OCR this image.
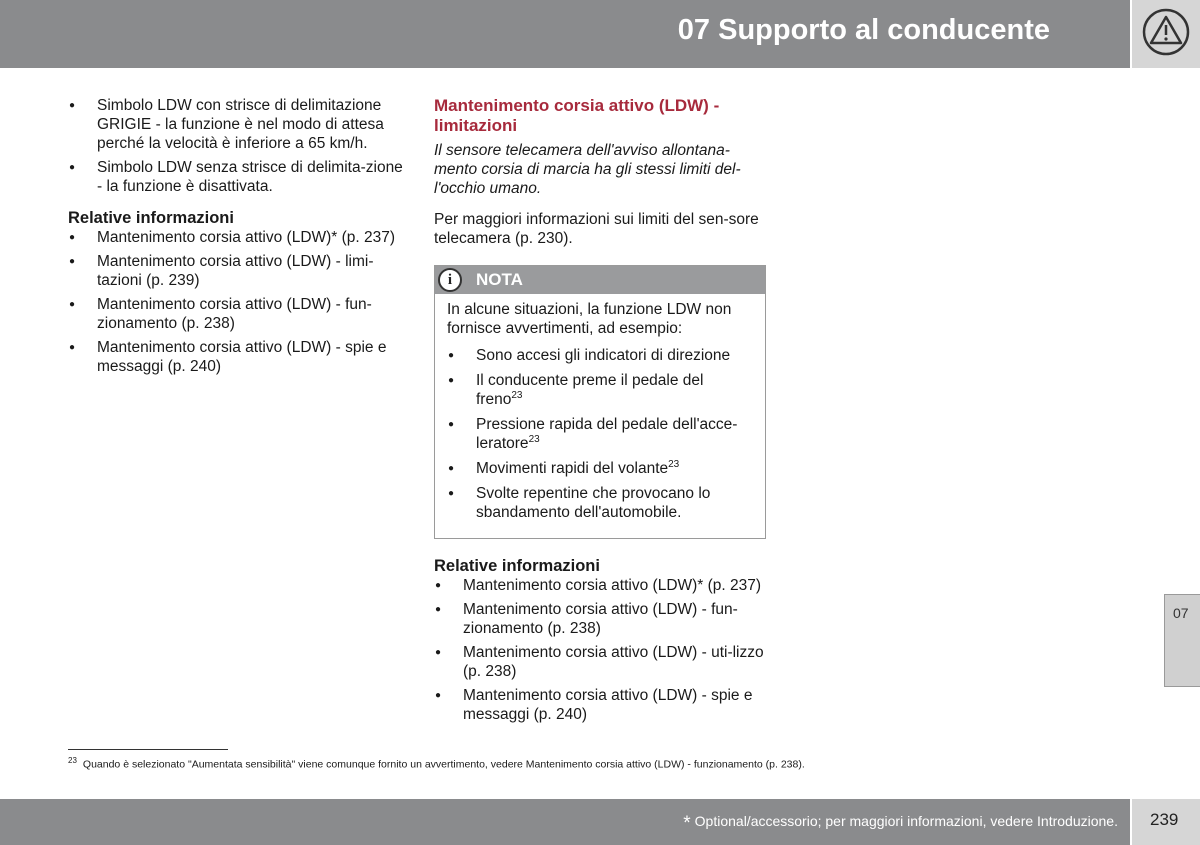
07 Supporto al conducente
● Simbolo LDW con strisce di delimitazione GRIGIE - la funzione è nel modo di attesa perché la velocità è inferiore a 65 km/h.
● Simbolo LDW senza strisce di delimita-zione - la funzione è disattivata.
Relative informazioni
● Mantenimento corsia attivo (LDW)* (p. 237)
● Mantenimento corsia attivo (LDW) - limi-tazioni (p. 239)
● Mantenimento corsia attivo (LDW) - fun-zionamento (p. 238)
● Mantenimento corsia attivo (LDW) - spie e messaggi (p. 240)
Mantenimento corsia attivo (LDW) - limitazioni
Il sensore telecamera dell'avviso allontana-mento corsia di marcia ha gli stessi limiti del-l'occhio umano.
Per maggiori informazioni sui limiti del sen-sore telecamera (p. 230).
i	NOTA
In alcune situazioni, la funzione LDW non fornisce avvertimenti, ad esempio:
● Sono accesi gli indicatori di direzione
● Il conducente preme il pedale del freno$^{23}$
● Pressione rapida del pedale dell'acce-leratore$^{23}$
● Movimenti rapidi del volante$^{23}$
● Svolte repentine che provocano lo sbandamento dell'automobile.
Relative informazioni
● Mantenimento corsia attivo (LDW)* (p. 237)
● Mantenimento corsia attivo (LDW) - fun-zionamento (p. 238)
● Mantenimento corsia attivo (LDW) - uti-lizzo (p. 238)
● Mantenimento corsia attivo (LDW) - spie e messaggi (p. 240)
$^{23}$ Quando è selezionato "Aumentata sensibilità" viene comunque fornito un avvertimento, vedere Mantenimento corsia attivo (LDW) - funzionamento (p. 238).
07
* Optional/accessorio; per maggiori informazioni, vedere Introduzione. 239
